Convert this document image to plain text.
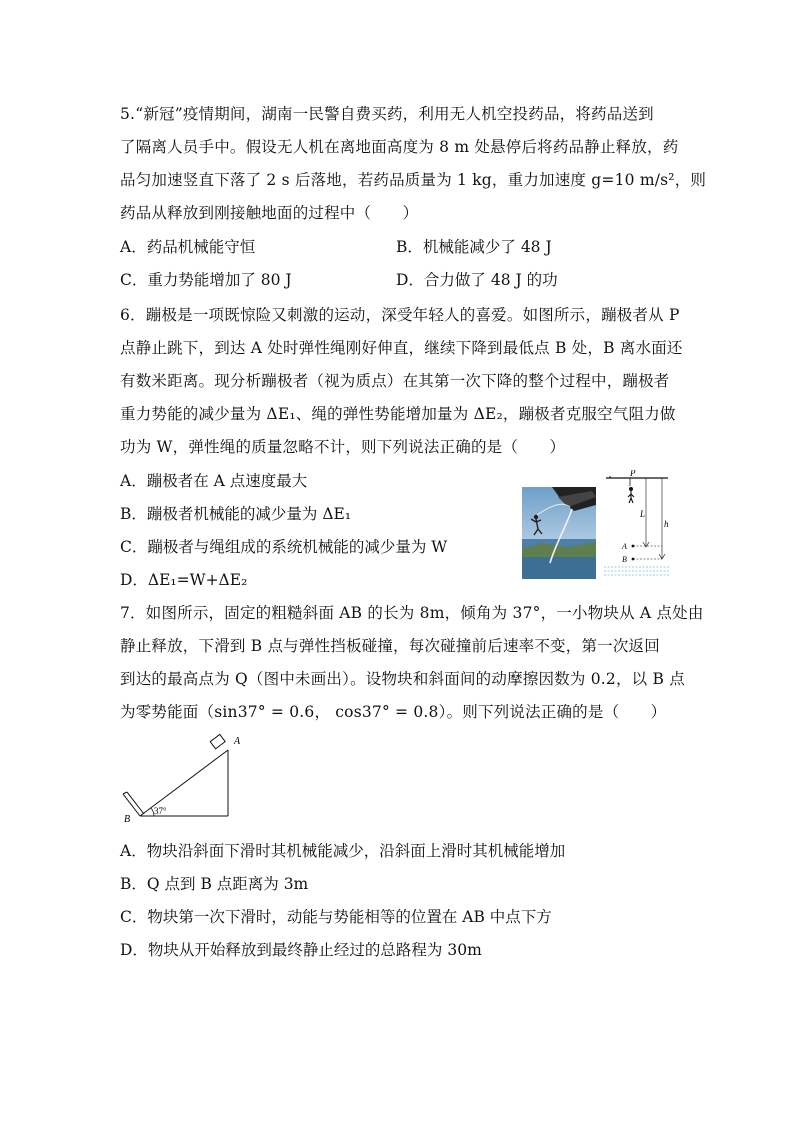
5.“新冠”疫情期间，湖南一民警自费买药，利用无人机空投药品，将药品送到
了隔离人员手中。假设无人机在离地面高度为 8 m 处悬停后将药品静止释放，药
品匀加速竖直下落了 2 s 后落地，若药品质量为 1 kg，重力加速度 g=10 m/s²，则
药品从释放到刚接触地面的过程中（　　）
A．药品机械能守恒	B．机械能减少了 48 J
C．重力势能增加了 80 J	D．合力做了 48 J 的功
6．蹦极是一项既惊险又刺激的运动，深受年轻人的喜爱。如图所示，蹦极者从 P
点静止跳下，到达 A 处时弹性绳刚好伸直，继续下降到最低点 B 处，B 离水面还
有数米距离。现分析蹦极者（视为质点）在其第一次下降的整个过程中，蹦极者
重力势能的减少量为 ΔE₁、绳的弹性势能增加量为 ΔE₂，蹦极者克服空气阻力做
功为 W，弹性绳的质量忽略不计，则下列说法正确的是（　　）
A．蹦极者在 A 点速度最大
B．蹦极者机械能的减少量为 ΔE₁
C．蹦极者与绳组成的系统机械能的减少量为 W
D．ΔE₁=W+ΔE₂
P
L
h
A
B
7．如图所示，固定的粗糙斜面 AB 的长为 8m，倾角为 37°，一小物块从 A 点处由
静止释放，下滑到 B 点与弹性挡板碰撞，每次碰撞前后速率不变，第一次返回
到达的最高点为 Q（图中未画出）。设物块和斜面间的动摩擦因数为 0.2，以 B 点
为零势能面（sin37° = 0.6， cos37° = 0.8）。则下列说法正确的是（　　）
A
B
37°
A．物块沿斜面下滑时其机械能减少，沿斜面上滑时其机械能增加
B．Q 点到 B 点距离为 3m
C．物块第一次下滑时，动能与势能相等的位置在 AB 中点下方
D．物块从开始释放到最终静止经过的总路程为 30m
